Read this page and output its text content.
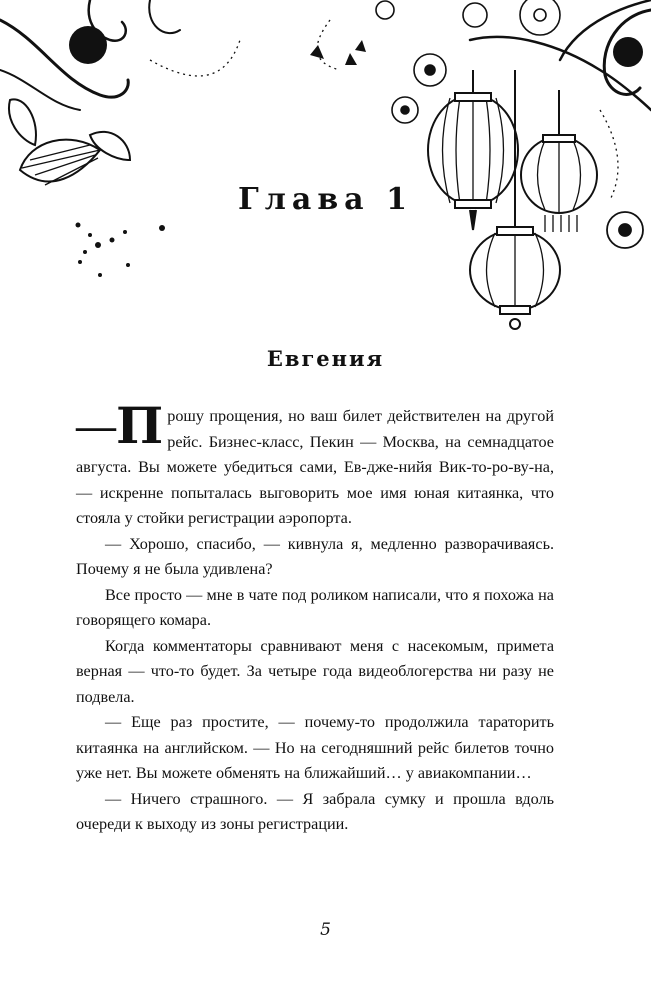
Глава 1
Евгения

— П рошу прощения, но ваш билет действителен на другой рейс. Бизнес-класс, Пекин — Москва, на семнадцатое августа. Вы можете убедиться сами, Ев-дже-нийя Вик-то-ро-ву-на, — искренне попыталась выговорить мое имя юная китаянка, что стояла у стойки регистрации аэропорта.

— Хорошо, спасибо, — кивнула я, медленно разворачиваясь. Почему я не была удивлена?

Все просто — мне в чате под роликом написали, что я похожа на говорящего комара.

Когда комментаторы сравнивают меня с насекомым, примета верная — что-то будет. За четыре года видеоблогерства ни разу не подвела.

— Еще раз простите, — почему-то продолжила тараторить китаянка на английском. — Но на сегодняшний рейс билетов точно уже нет. Вы можете обменять на ближайший… у авиакомпании…

— Ничего страшного. — Я забрала сумку и прошла вдоль очереди к выходу из зоны регистрации.

5
